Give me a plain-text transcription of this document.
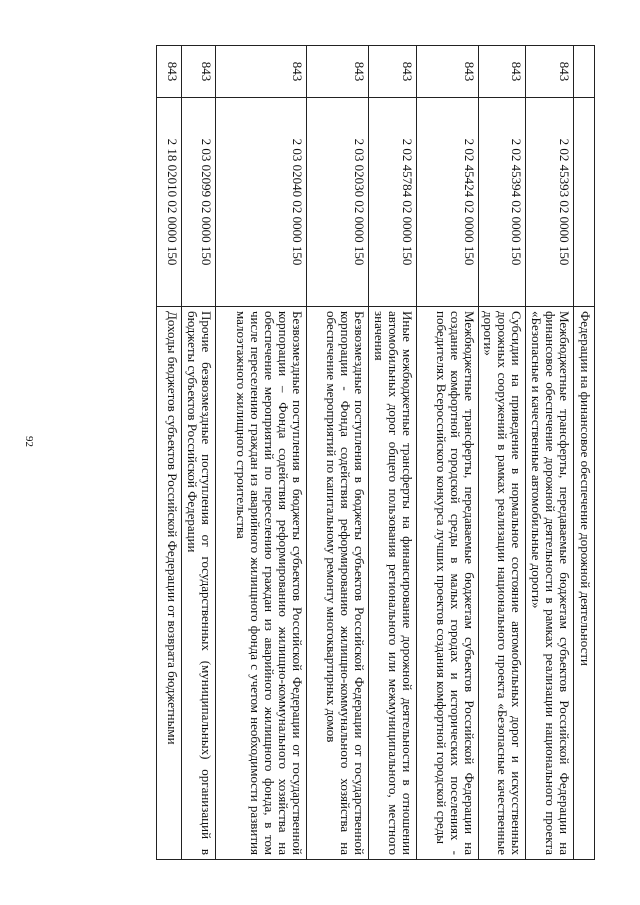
92
			Федерации на финансовое обеспечение дорожной деятельности
843	2 02 45393 02 0000 150	Межбюджетные трансферты, передаваемые бюджетам субъектов Российской Федерации на финансовое обеспечение дорожной деятельности в рамках реализации национального проекта «Безопасные и качественные автомобильные дороги»
843	2 02 45394 02 0000 150	Субсидии на приведение в нормальное состояние автомобильных дорог и искусственных дорожных сооружений в рамках реализации национального проекта «Безопасные качественные дороги»
843	2 02 45424 02 0000 150	Межбюджетные трансферты, передаваемые бюджетам субъектов Российской Федерации на создание комфортной городской среды в малых городах и исторических поселениях - победителях Всероссийского конкурса лучших проектов создания комфортной городской среды
843	2 02 45784 02 0000 150	Иные межбюджетные трансферты на финансирование дорожной деятельности в отношении автомобильных дорог общего пользования регионального или межмуниципального, местного значения
843	2 03 02030 02 0000 150	Безвозмездные поступления в бюджеты субъектов Российской Федерации от государственной корпорации - Фонда содействия реформированию жилищно-коммунального хозяйства на обеспечение мероприятий по капитальному ремонту многоквартирных домов
843	2 03 02040 02 0000 150	Безвозмездные поступления в бюджеты субъектов Российской Федерации от государственной корпорации – Фонда содействия реформированию жилищно-коммунального хозяйства на обеспечение мероприятий по переселению граждан из аварийного жилищного фонда, в том числе переселению граждан из аварийного жилищного фонда с учетом необходимости развития малоэтажного жилищного строительства
843	2 03 02099 02 0000 150	Прочие безвозмездные поступления от государственных (муниципальных) организаций в бюджеты субъектов Российской Федерации
843	2 18 02010 02 0000 150	Доходы бюджетов субъектов Российской Федерации от возврата бюджетными
